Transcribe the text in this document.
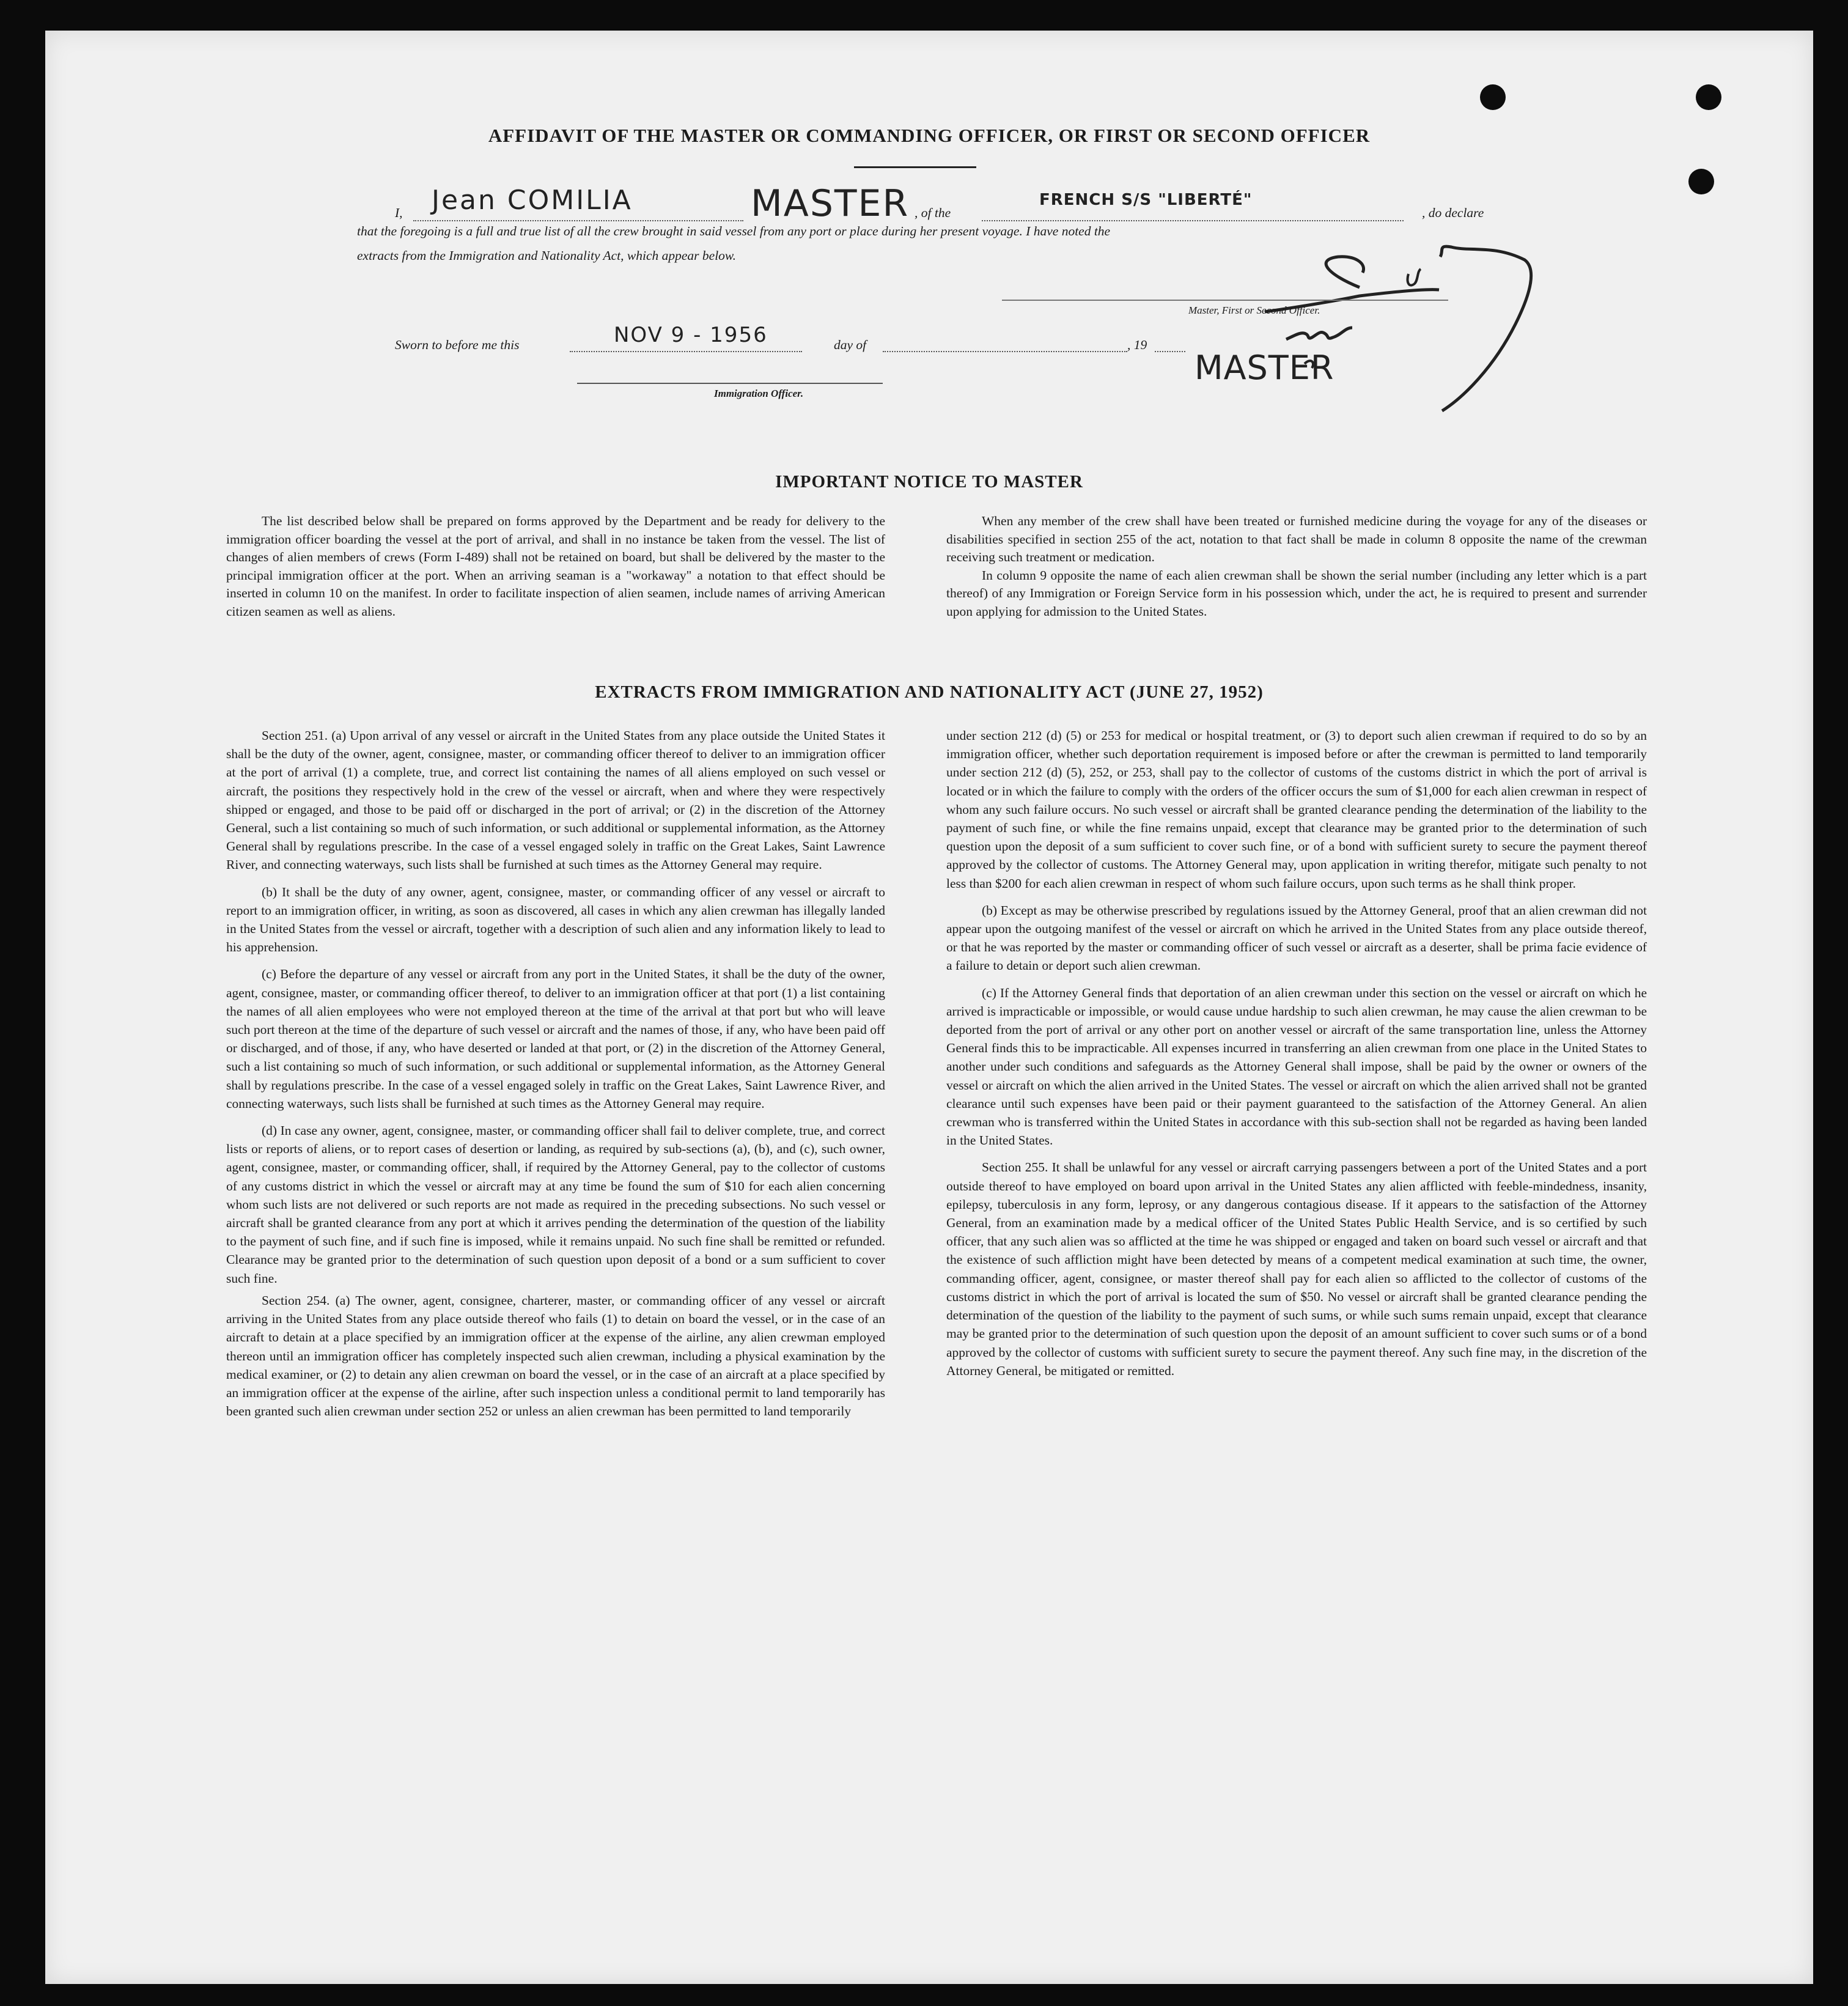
AFFIDAVIT OF THE MASTER OR COMMANDING OFFICER, OR FIRST OR SECOND OFFICER
I, Jean COMILIA	MASTER , of the
FRENCH S/S "LIBERTÉ"
, do declare
that the foregoing is a full and true list of all the crew brought in said vessel from any port or place during her present voyage. I have noted the
extracts from the Immigration and Nationality Act, which appear below.
Master, First or Second Officer.
MASTER
Sworn to before me this	NOV 9 - 1956	day of	, 19
Immigration Officer.
IMPORTANT NOTICE TO MASTER

The list described below shall be prepared on forms approved by the Department and be ready for delivery to the immigration officer boarding the vessel at the port of arrival, and shall in no instance be taken from the vessel. The list of changes of alien members of crews (Form I-489) shall not be retained on board, but shall be delivered by the master to the principal immigration officer at the port. When an arriving seaman is a "workaway" a notation to that effect should be inserted in column 10 on the manifest. In order to facilitate inspection of alien seamen, include names of arriving American citizen seamen as well as aliens.

When any member of the crew shall have been treated or furnished medicine during the voyage for any of the diseases or disabilities specified in section 255 of the act, notation to that fact shall be made in column 8 opposite the name of the crewman receiving such treatment or medication.

In column 9 opposite the name of each alien crewman shall be shown the serial number (including any letter which is a part thereof) of any Immigration or Foreign Service form in his possession which, under the act, he is required to present and surrender upon applying for admission to the United States.

EXTRACTS FROM IMMIGRATION AND NATIONALITY ACT (JUNE 27, 1952)

Section 251. (a) Upon arrival of any vessel or aircraft in the United States from any place outside the United States it shall be the duty of the owner, agent, consignee, master, or commanding officer thereof to deliver to an immigration officer at the port of arrival (1) a complete, true, and correct list containing the names of all aliens employed on such vessel or aircraft, the positions they respectively hold in the crew of the vessel or aircraft, when and where they were respectively shipped or engaged, and those to be paid off or discharged in the port of arrival; or (2) in the discretion of the Attorney General, such a list containing so much of such information, or such additional or supplemental information, as the Attorney General shall by regulations prescribe. In the case of a vessel engaged solely in traffic on the Great Lakes, Saint Lawrence River, and connecting waterways, such lists shall be furnished at such times as the Attorney General may require.

(b) It shall be the duty of any owner, agent, consignee, master, or commanding officer of any vessel or aircraft to report to an immigration officer, in writing, as soon as discovered, all cases in which any alien crewman has illegally landed in the United States from the vessel or aircraft, together with a description of such alien and any information likely to lead to his apprehension.

(c) Before the departure of any vessel or aircraft from any port in the United States, it shall be the duty of the owner, agent, consignee, master, or commanding officer thereof, to deliver to an immigration officer at that port (1) a list containing the names of all alien employees who were not employed thereon at the time of the arrival at that port but who will leave such port thereon at the time of the departure of such vessel or aircraft and the names of those, if any, who have been paid off or discharged, and of those, if any, who have deserted or landed at that port, or (2) in the discretion of the Attorney General, such a list containing so much of such information, or such additional or supplemental information, as the Attorney General shall by regulations prescribe. In the case of a vessel engaged solely in traffic on the Great Lakes, Saint Lawrence River, and connecting waterways, such lists shall be furnished at such times as the Attorney General may require.

(d) In case any owner, agent, consignee, master, or commanding officer shall fail to deliver complete, true, and correct lists or reports of aliens, or to report cases of desertion or landing, as required by sub-sections (a), (b), and (c), such owner, agent, consignee, master, or commanding officer, shall, if required by the Attorney General, pay to the collector of customs of any customs district in which the vessel or aircraft may at any time be found the sum of $10 for each alien concerning whom such lists are not delivered or such reports are not made as required in the preceding subsections. No such vessel or aircraft shall be granted clearance from any port at which it arrives pending the determination of the question of the liability to the payment of such fine, and if such fine is imposed, while it remains unpaid. No such fine shall be remitted or refunded. Clearance may be granted prior to the determination of such question upon deposit of a bond or a sum sufficient to cover such fine.

Section 254. (a) The owner, agent, consignee, charterer, master, or commanding officer of any vessel or aircraft arriving in the United States from any place outside thereof who fails (1) to detain on board the vessel, or in the case of an aircraft to detain at a place specified by an immigration officer at the expense of the airline, any alien crewman employed thereon until an immigration officer has completely inspected such alien crewman, including a physical examination by the medical examiner, or (2) to detain any alien crewman on board the vessel, or in the case of an aircraft at a place specified by an immigration officer at the expense of the airline, after such inspection unless a conditional permit to land temporarily has been granted such alien crewman under section 252 or unless an alien crewman has been permitted to land temporarily

under section 212 (d) (5) or 253 for medical or hospital treatment, or (3) to deport such alien crewman if required to do so by an immigration officer, whether such deportation requirement is imposed before or after the crewman is permitted to land temporarily under section 212 (d) (5), 252, or 253, shall pay to the collector of customs of the customs district in which the port of arrival is located or in which the failure to comply with the orders of the officer occurs the sum of $1,000 for each alien crewman in respect of whom any such failure occurs. No such vessel or aircraft shall be granted clearance pending the determination of the liability to the payment of such fine, or while the fine remains unpaid, except that clearance may be granted prior to the determination of such question upon the deposit of a sum sufficient to cover such fine, or of a bond with sufficient surety to secure the payment thereof approved by the collector of customs. The Attorney General may, upon application in writing therefor, mitigate such penalty to not less than $200 for each alien crewman in respect of whom such failure occurs, upon such terms as he shall think proper.

(b) Except as may be otherwise prescribed by regulations issued by the Attorney General, proof that an alien crewman did not appear upon the outgoing manifest of the vessel or aircraft on which he arrived in the United States from any place outside thereof, or that he was reported by the master or commanding officer of such vessel or aircraft as a deserter, shall be prima facie evidence of a failure to detain or deport such alien crewman.

(c) If the Attorney General finds that deportation of an alien crewman under this section on the vessel or aircraft on which he arrived is impracticable or impossible, or would cause undue hardship to such alien crewman, he may cause the alien crewman to be deported from the port of arrival or any other port on another vessel or aircraft of the same transportation line, unless the Attorney General finds this to be impracticable. All expenses incurred in transferring an alien crewman from one place in the United States to another under such conditions and safeguards as the Attorney General shall impose, shall be paid by the owner or owners of the vessel or aircraft on which the alien arrived in the United States. The vessel or aircraft on which the alien arrived shall not be granted clearance until such expenses have been paid or their payment guaranteed to the satisfaction of the Attorney General. An alien crewman who is transferred within the United States in accordance with this sub-section shall not be regarded as having been landed in the United States.

Section 255. It shall be unlawful for any vessel or aircraft carrying passengers between a port of the United States and a port outside thereof to have employed on board upon arrival in the United States any alien afflicted with feeble-mindedness, insanity, epilepsy, tuberculosis in any form, leprosy, or any dangerous contagious disease. If it appears to the satisfaction of the Attorney General, from an examination made by a medical officer of the United States Public Health Service, and is so certified by such officer, that any such alien was so afflicted at the time he was shipped or engaged and taken on board such vessel or aircraft and that the existence of such affliction might have been detected by means of a competent medical examination at such time, the owner, commanding officer, agent, consignee, or master thereof shall pay for each alien so afflicted to the collector of customs of the customs district in which the port of arrival is located the sum of $50. No vessel or aircraft shall be granted clearance pending the determination of the question of the liability to the payment of such sums, or while such sums remain unpaid, except that clearance may be granted prior to the determination of such question upon the deposit of an amount sufficient to cover such sums or of a bond approved by the collector of customs with sufficient surety to secure the payment thereof. Any such fine may, in the discretion of the Attorney General, be mitigated or remitted.
